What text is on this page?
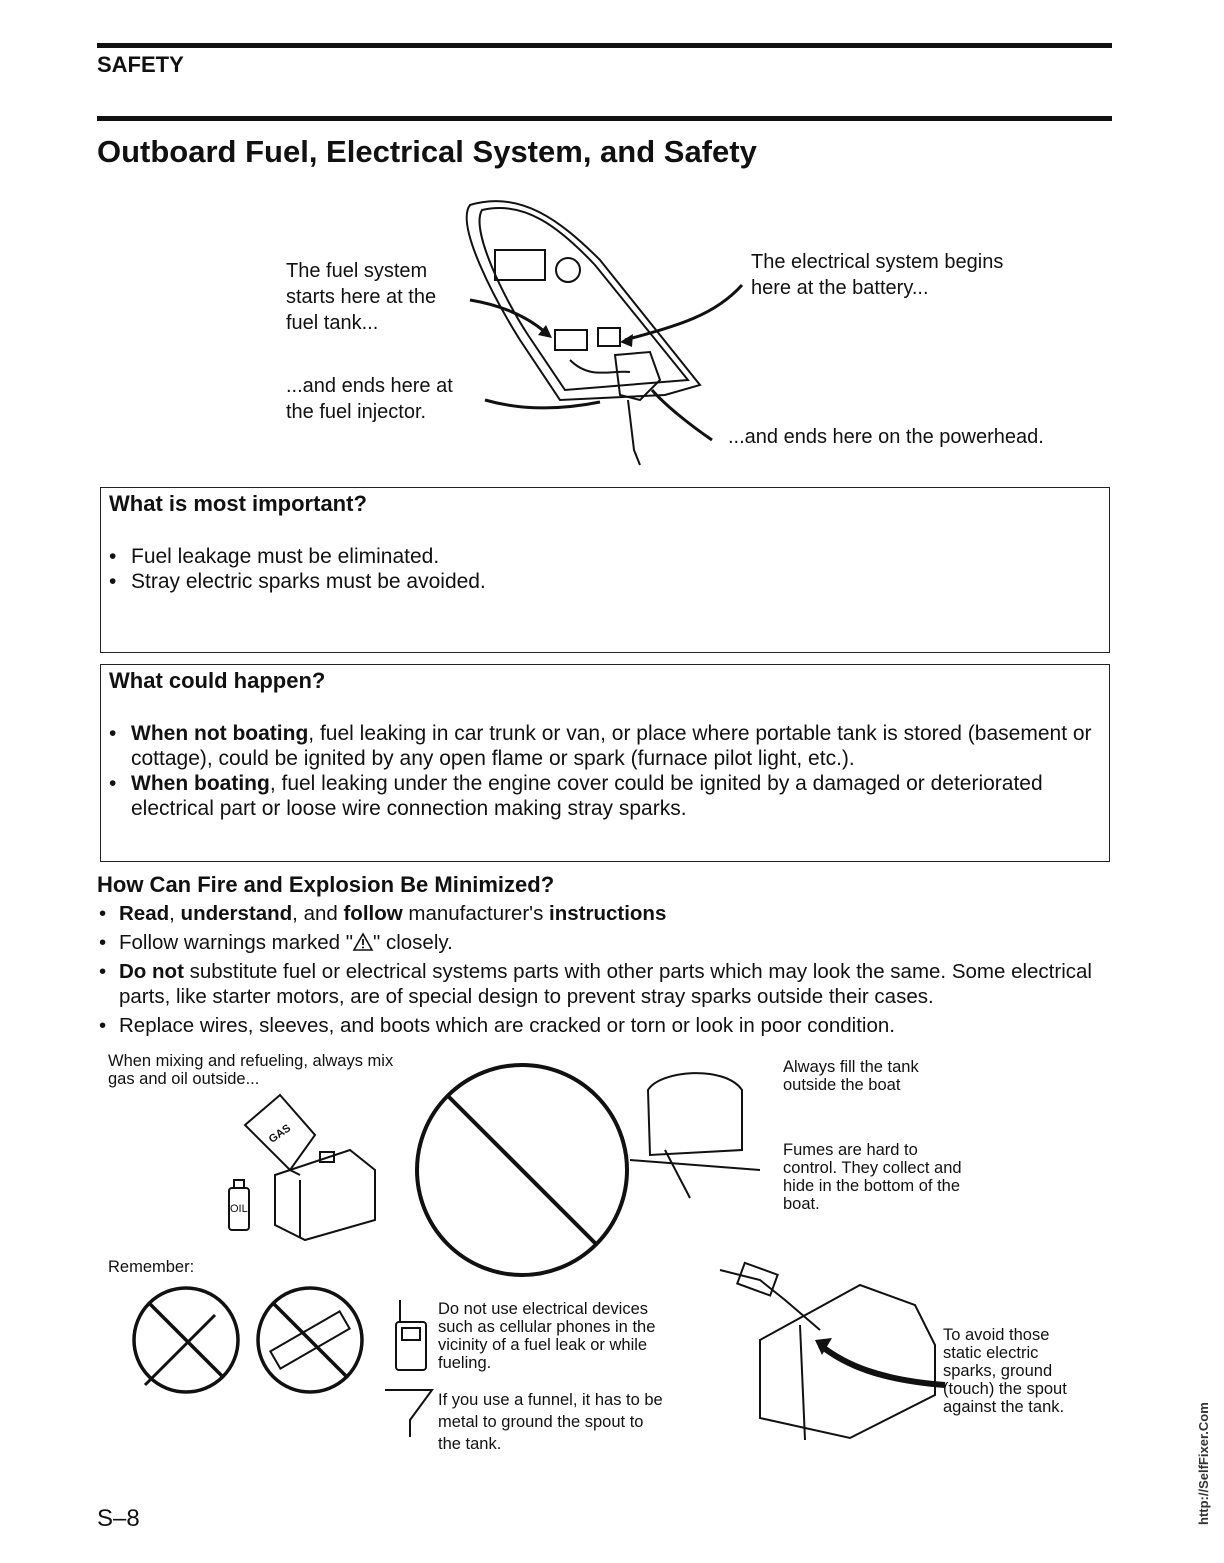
SAFETY
Outboard Fuel, Electrical System, and Safety
The fuel system
starts here at the
fuel tank...
...and ends here at
the fuel injector.
The electrical system begins
here at the battery...
...and ends here on the powerhead.
What is most important?
• Fuel leakage must be eliminated.
• Stray electric sparks must be avoided.
What could happen?
• When not boating, fuel leaking in car trunk or van, or place where portable tank is stored (basement or cottage), could be ignited by any open flame or spark (furnace pilot light, etc.).
• When boating, fuel leaking under the engine cover could be ignited by a damaged or deteriorated electrical part or loose wire connection making stray sparks.
How Can Fire and Explosion Be Minimized?
• Read, understand, and follow manufacturer's instructions
• Follow warnings marked " " closely.
• Do not substitute fuel or electrical systems parts with other parts which may look the same. Some electrical parts, like starter motors, are of special design to prevent stray sparks outside their cases.
• Replace wires, sleeves, and boots which are cracked or torn or look in poor condition.
When mixing and refueling, always mix
gas and oil outside...
GAS
OIL
Always fill the tank
outside the boat
Fumes are hard to
control. They collect and
hide in the bottom of the
boat.
Remember:
Do not use electrical devices
such as cellular phones in the
vicinity of a fuel leak or while
fueling.
If you use a funnel, it has to be
metal to ground the spout to
the tank.
To avoid those
static electric
sparks, ground
(touch) the spout
against the tank.
S–8	http://SelfFixer.Com
